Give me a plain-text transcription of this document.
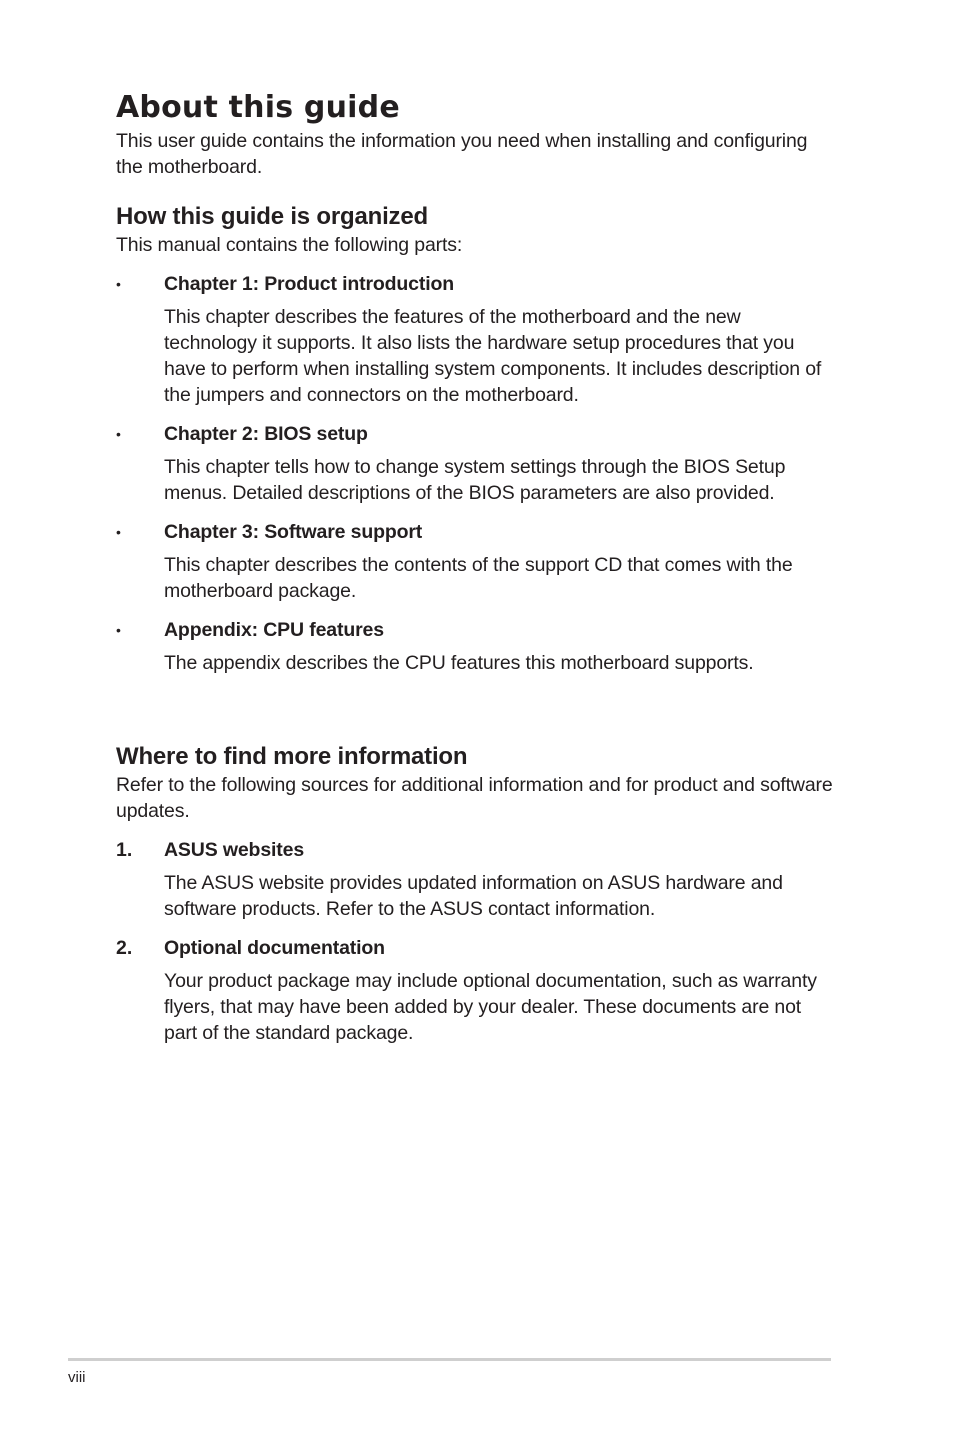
About this guide

This user guide contains the information you need when installing and configuring the motherboard.

How this guide is organized

This manual contains the following parts:

• Chapter 1: Product introduction

This chapter describes the features of the motherboard and the new technology it supports. It also lists the hardware setup procedures that you have to perform when installing system components. It includes description of the jumpers and connectors on the motherboard.

• Chapter 2: BIOS setup

This chapter tells how to change system settings through the BIOS Setup menus. Detailed descriptions of the BIOS parameters are also provided.

• Chapter 3: Software support

This chapter describes the contents of the support CD that comes with the motherboard package.

• Appendix: CPU features

The appendix describes the CPU features this motherboard supports.

Where to find more information

Refer to the following sources for additional information and for product and software updates.

1. ASUS websites

The ASUS website provides updated information on ASUS hardware and software products. Refer to the ASUS contact information.

2. Optional documentation

Your product package may include optional documentation, such as warranty flyers, that may have been added by your dealer. These documents are not part of the standard package.

viii
